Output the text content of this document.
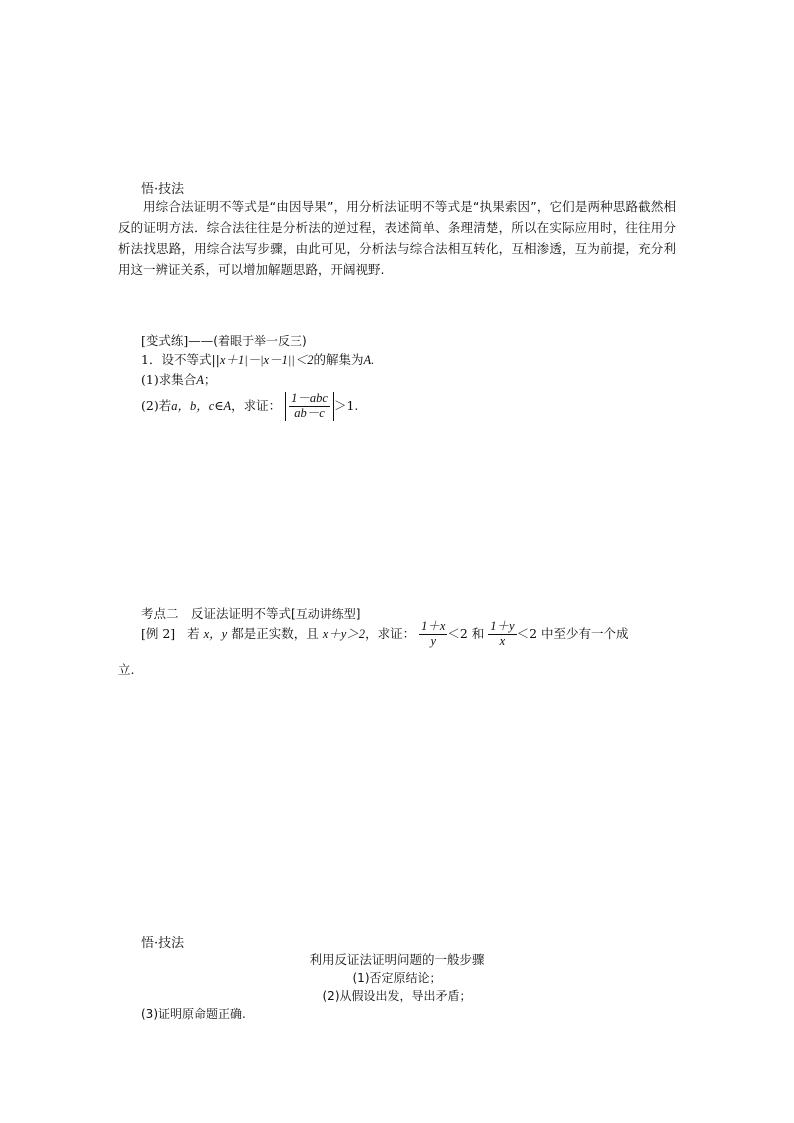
悟·技法
用综合法证明不等式是“由因导果”，用分析法证明不等式是“执果索因”，它们是两种思路截然相反的证明方法．综合法往往是分析法的逆过程，表述简单、条理清楚，所以在实际应用时，往往用分析法找思路，用综合法写步骤，由此可见，分析法与综合法相互转化，互相渗透，互为前提，充分利用这一辨证关系，可以增加解题思路，开阔视野.
[变式练]——(着眼于举一反三)
1．设不等式||x＋1|－|x－1||＜2的解集为A.
(1)求集合A；
(2)若a，b，c∈A，求证： $\frac{\text{1－abc}}{ab-c} >1$.
考点二　反证法证明不等式[互动讲练型]
[例 2] 若 x，y 都是正实数，且 x＋y＞2，求证： $\frac{1+x}{y} <2$ 和 $\frac{1+y}{x} <2$ 中至少有一个成
立.
悟·技法
利用反证法证明问题的一般步骤
(1)否定原结论；
(2)从假设出发，导出矛盾；
(3)证明原命题正确.
